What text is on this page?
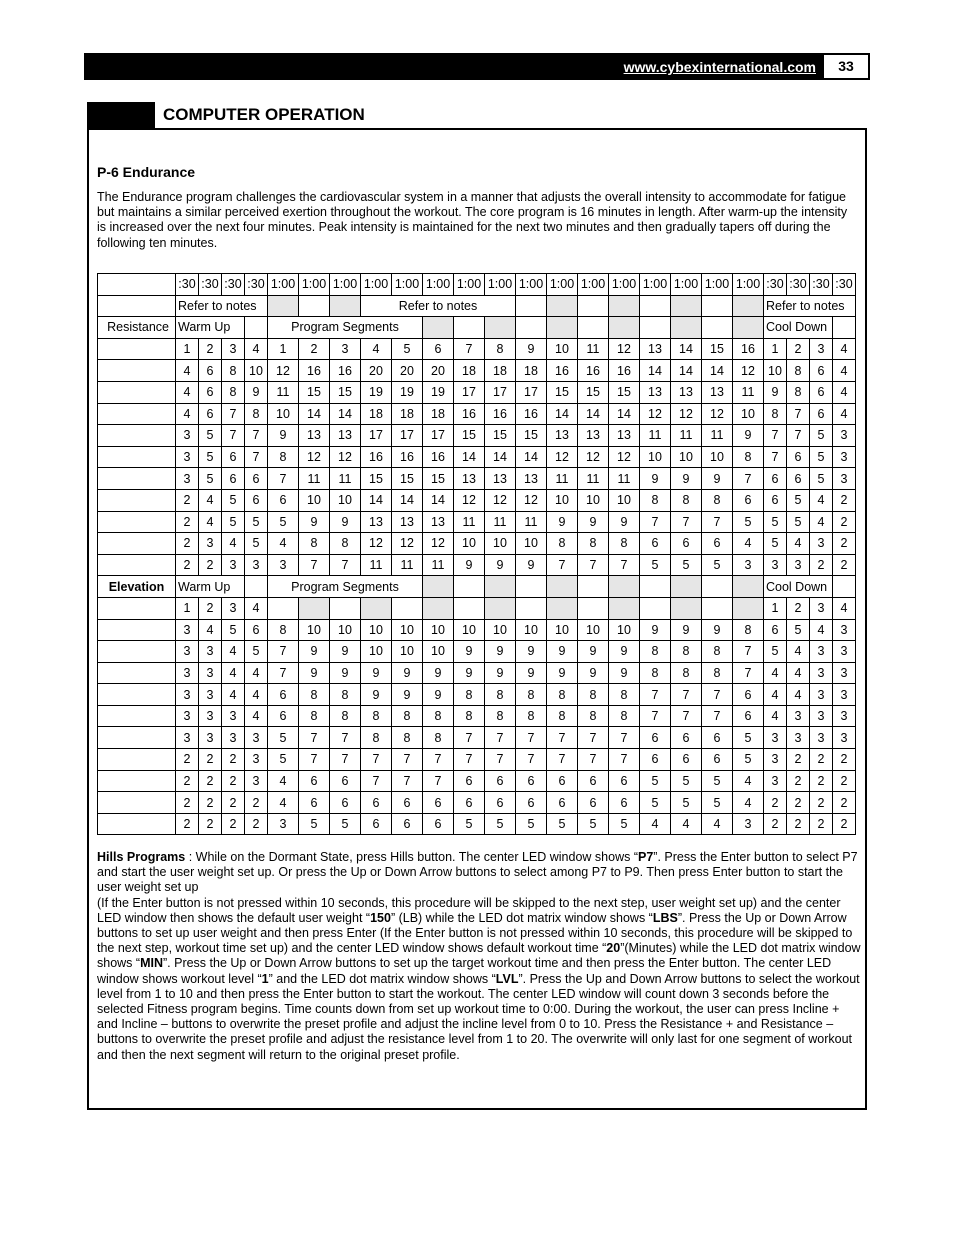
www.cybexinternational.com	33
COMPUTER OPERATION
P-6 Endurance
The Endurance program challenges the cardiovascular system in a manner that adjusts the overall intensity to accommodate for fatigue but maintains a similar perceived exertion throughout the workout. The core program is 16 minutes in length. After warm-up the intensity is increased over the next four minutes. Peak intensity is maintained for the next two minutes and then gradually tapers off during the following ten minutes.
	:30	:30	:30	:30	1:00	1:00	1:00	1:00	1:00	1:00	1:00	1:00	1:00	1:00	1:00	1:00	1:00	1:00	1:00	1:00	:30	:30	:30	:30
	Refer to notes							Refer to notes													Refer to notes			
Resistance	Warm Up				Program Segments																Cool Down			
	1	2	3	4	1	2	3	4	5	6	7	8	9	10	11	12	13	14	15	16	1	2	3	4
	4	6	8	10	12	16	16	20	20	20	18	18	18	16	16	16	14	14	14	12	10	8	6	4
	4	6	8	9	11	15	15	19	19	19	17	17	17	15	15	15	13	13	13	11	9	8	6	4
	4	6	7	8	10	14	14	18	18	18	16	16	16	14	14	14	12	12	12	10	8	7	6	4
	3	5	7	7	9	13	13	17	17	17	15	15	15	13	13	13	11	11	11	9	7	7	5	3
	3	5	6	7	8	12	12	16	16	16	14	14	14	12	12	12	10	10	10	8	7	6	5	3
	3	5	6	6	7	11	11	15	15	15	13	13	13	11	11	11	9	9	9	7	6	6	5	3
	2	4	5	6	6	10	10	14	14	14	12	12	12	10	10	10	8	8	8	6	6	5	4	2
	2	4	5	5	5	9	9	13	13	13	11	11	11	9	9	9	7	7	7	5	5	5	4	2
	2	3	4	5	4	8	8	12	12	12	10	10	10	8	8	8	6	6	6	4	5	4	3	2
	2	2	3	3	3	7	7	11	11	11	9	9	9	7	7	7	5	5	5	3	3	3	2	2
Elevation	Warm Up				Program Segments																Cool Down			
	1	2	3	4																	1	2	3	4
	3	4	5	6	8	10	10	10	10	10	10	10	10	10	10	10	9	9	9	8	6	5	4	3
	3	3	4	5	7	9	9	10	10	10	9	9	9	9	9	9	8	8	8	7	5	4	3	3
	3	3	4	4	7	9	9	9	9	9	9	9	9	9	9	9	8	8	8	7	4	4	3	3
	3	3	4	4	6	8	8	9	9	9	8	8	8	8	8	8	7	7	7	6	4	4	3	3
	3	3	3	4	6	8	8	8	8	8	8	8	8	8	8	8	7	7	7	6	4	3	3	3
	3	3	3	3	5	7	7	8	8	8	7	7	7	7	7	7	6	6	6	5	3	3	3	3
	2	2	2	3	5	7	7	7	7	7	7	7	7	7	7	7	6	6	6	5	3	2	2	2
	2	2	2	3	4	6	6	7	7	7	6	6	6	6	6	6	5	5	5	4	3	2	2	2
	2	2	2	2	4	6	6	6	6	6	6	6	6	6	6	6	5	5	5	4	2	2	2	2
	2	2	2	2	3	5	5	6	6	6	5	5	5	5	5	5	4	4	4	3	2	2	2	2
Hills Programs : While on the Dormant State, press Hills button. The center LED window shows “P7”. Press the Enter button to select P7 and start the user weight set up. Or press the Up or Down Arrow buttons to select among P7 to P9. Then press Enter button to start the user weight set up
(If the Enter button is not pressed within 10 seconds, this procedure will be skipped to the next step, user weight set up) and the center LED window then shows the default user weight “150” (LB) while the LED dot matrix window shows “LBS”. Press the Up or Down Arrow buttons to set up user weight and then press Enter (If the Enter button is not pressed within 10 seconds, this procedure will be skipped to the next step, workout time set up) and the center LED window shows default workout time “20”(Minutes) while the LED dot matrix window shows “MIN”. Press the Up or Down Arrow buttons to set up the target workout time and then press the Enter button. The center LED window shows workout level “1” and the LED dot matrix window shows “LVL”. Press the Up and Down Arrow buttons to select the workout level from 1 to 10 and then press the Enter button to start the workout. The center LED window will count down 3 seconds before the selected Fitness program begins. Time counts down from set up workout time to 0:00. During the workout, the user can press Incline + and Incline – buttons to overwrite the preset profile and adjust the incline level from 0 to 10. Press the Resistance + and Resistance – buttons to overwrite the preset profile and adjust the resistance level from 1 to 20. The overwrite will only last for one segment of workout and then the next segment will return to the original preset profile.
